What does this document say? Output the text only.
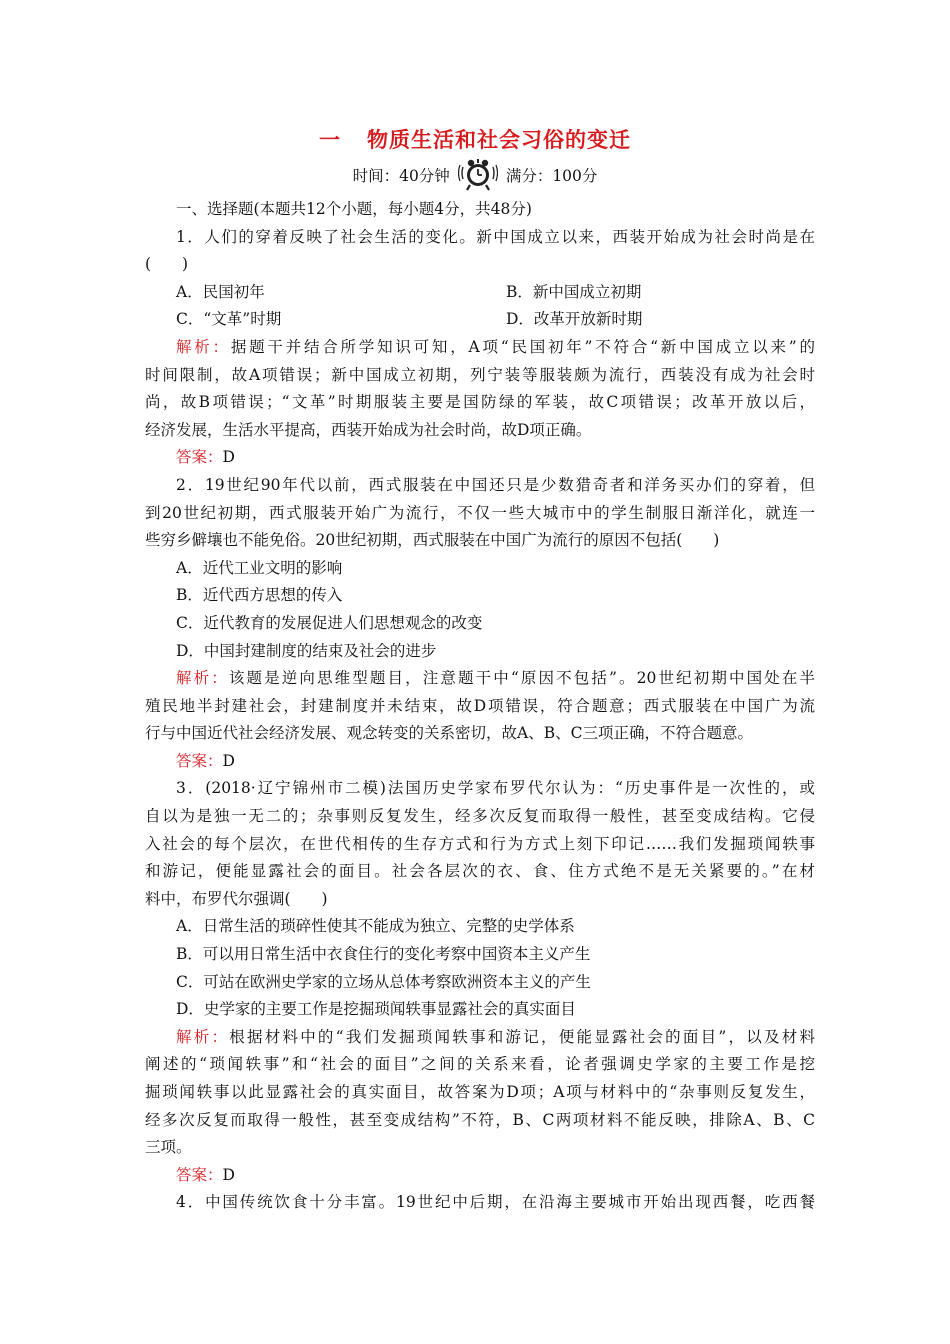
一 物质生活和社会习俗的变迁
时间：40分钟	满分：100分
一、选择题(本题共12个小题，每小题4分，共48分)
1．人们的穿着反映了社会生活的变化。新中国成立以来，西装开始成为社会时尚是在
(　　)
A．民国初年	B．新中国成立初期
C．“文革”时期	D．改革开放新时期
解析：据题干并结合所学知识可知，A项“民国初年”不符合“新中国成立以来”的
时间限制，故A项错误；新中国成立初期，列宁装等服装颇为流行，西装没有成为社会时
尚，故B项错误；“文革”时期服装主要是国防绿的军装，故C项错误；改革开放以后，
经济发展，生活水平提高，西装开始成为社会时尚，故D项正确。
答案：D
2．19世纪90年代以前，西式服装在中国还只是少数猎奇者和洋务买办们的穿着，但
到20世纪初期，西式服装开始广为流行，不仅一些大城市中的学生制服日渐洋化，就连一
些穷乡僻壤也不能免俗。20世纪初期，西式服装在中国广为流行的原因不包括(　　)
A．近代工业文明的影响
B．近代西方思想的传入
C．近代教育的发展促进人们思想观念的改变
D．中国封建制度的结束及社会的进步
解析：该题是逆向思维型题目，注意题干中“原因不包括”。20世纪初期中国处在半
殖民地半封建社会，封建制度并未结束，故D项错误，符合题意；西式服装在中国广为流
行与中国近代社会经济发展、观念转变的关系密切，故A、B、C三项正确，不符合题意。
答案：D
3．(2018·辽宁锦州市二模)法国历史学家布罗代尔认为：“历史事件是一次性的，或
自以为是独一无二的；杂事则反复发生，经多次反复而取得一般性，甚至变成结构。它侵
入社会的每个层次，在世代相传的生存方式和行为方式上刻下印记……我们发掘琐闻轶事
和游记，便能显露社会的面目。社会各层次的衣、食、住方式绝不是无关紧要的。”在材
料中，布罗代尔强调(　　)
A．日常生活的琐碎性使其不能成为独立、完整的史学体系
B．可以用日常生活中衣食住行的变化考察中国资本主义产生
C．可站在欧洲史学家的立场从总体考察欧洲资本主义的产生
D．史学家的主要工作是挖掘琐闻轶事显露社会的真实面目
解析：根据材料中的“我们发掘琐闻轶事和游记，便能显露社会的面目”，以及材料
阐述的“琐闻轶事”和“社会的面目”之间的关系来看，论者强调史学家的主要工作是挖
掘琐闻轶事以此显露社会的真实面目，故答案为D项；A项与材料中的“杂事则反复发生，
经多次反复而取得一般性，甚至变成结构”不符，B、C两项材料不能反映，排除A、B、C
三项。
答案：D
4．中国传统饮食十分丰富。19世纪中后期，在沿海主要城市开始出现西餐，吃西餐
